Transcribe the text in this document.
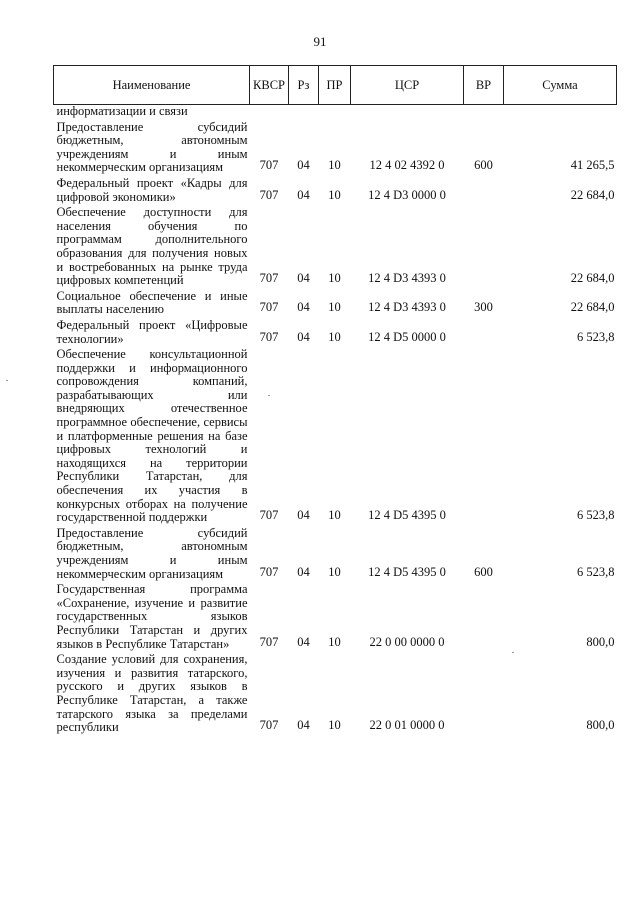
91
Наименование	КВСР	Рз	ПР	ЦСР	ВР	Сумма
информатизации и связи						
Предоставление субсидий бюджетным, автономным учреждениям и иным некоммерческим организациям	707	04	10	12 4 02 4392 0	600	41 265,5
Федеральный проект «Кадры для цифровой экономики»	707	04	10	12 4 D3 0000 0		22 684,0
Обеспечение доступности для населения обучения по программам дополнительного образования для получения новых и востребованных на рынке труда цифровых компетенций	707	04	10	12 4 D3 4393 0		22 684,0
Социальное обеспечение и иные выплаты населению	707	04	10	12 4 D3 4393 0	300	22 684,0
Федеральный проект «Цифровые технологии»	707	04	10	12 4 D5 0000 0		6 523,8
Обеспечение консультационной поддержки и информационного сопровождения компаний, разрабатывающих или внедряющих отечественное программное обеспечение, сервисы и платформенные решения на базе цифровых технологий и находящихся на территории Республики Татарстан, для обеспечения их участия в конкурсных отборах на получение государственной поддержки	707	04	10	12 4 D5 4395 0		6 523,8
Предоставление субсидий бюджетным, автономным учреждениям и иным некоммерческим организациям	707	04	10	12 4 D5 4395 0	600	6 523,8
Государственная программа «Сохранение, изучение и развитие государственных языков Республики Татарстан и других языков в Республике Татарстан»	707	04	10	22 0 00 0000 0		800,0
Создание условий для сохранения, изучения и развития татарского, русского и других языков в Республике Татарстан, а также татарского языка за пределами республики	707	04	10	22 0 01 0000 0		800,0
